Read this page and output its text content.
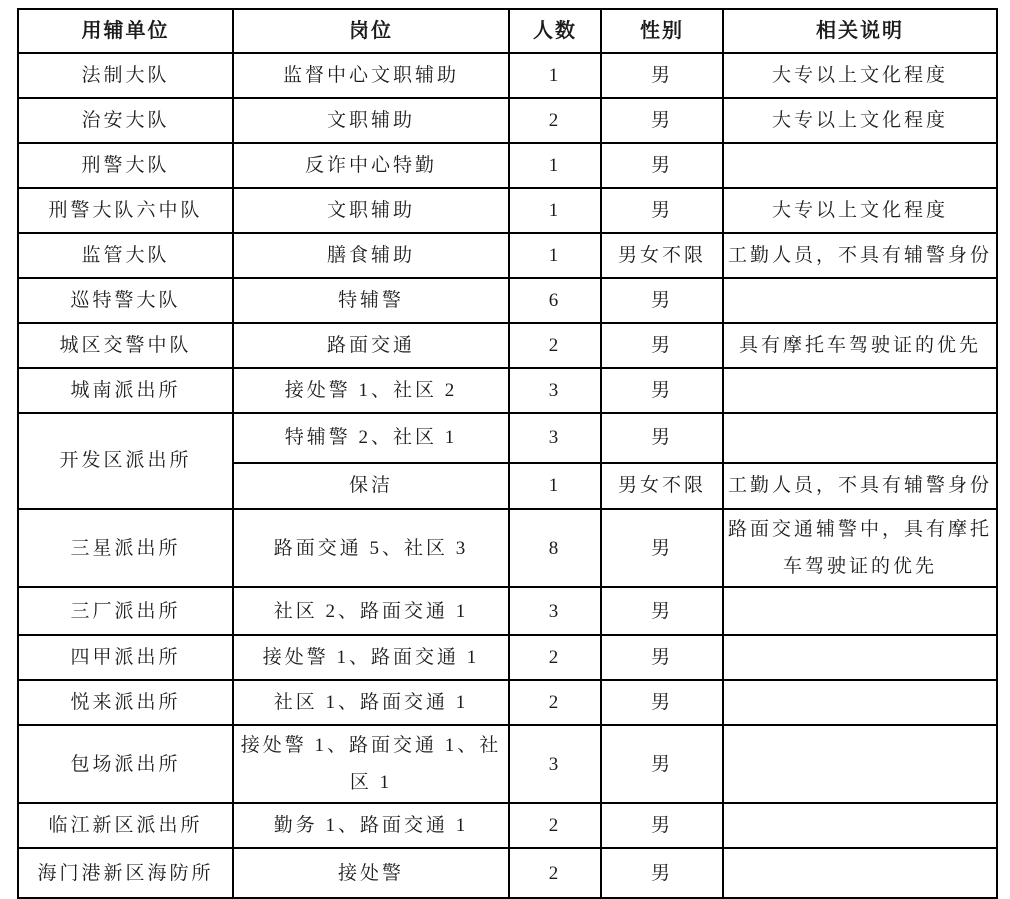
用辅单位	岗位	人数	性别	相关说明
法制大队	监督中心文职辅助	1	男	大专以上文化程度
治安大队	文职辅助	2	男	大专以上文化程度
刑警大队	反诈中心特勤	1	男	
刑警大队六中队	文职辅助	1	男	大专以上文化程度
监管大队	膳食辅助	1	男女不限	工勤人员，不具有辅警身份
巡特警大队	特辅警	6	男	
城区交警中队	路面交通	2	男	具有摩托车驾驶证的优先
城南派出所	接处警 1、社区 2	3	男	
开发区派出所	特辅警 2、社区 1	3	男	
	保洁	1	男女不限	工勤人员，不具有辅警身份
三星派出所	路面交通 5、社区 3	8	男	路面交通辅警中，具有摩托车驾驶证的优先
三厂派出所	社区 2、路面交通 1	3	男	
四甲派出所	接处警 1、路面交通 1	2	男	
悦来派出所	社区 1、路面交通 1	2	男	
包场派出所	接处警 1、路面交通 1、社区 1	3	男	
临江新区派出所	勤务 1、路面交通 1	2	男	
海门港新区海防所	接处警	2	男	
